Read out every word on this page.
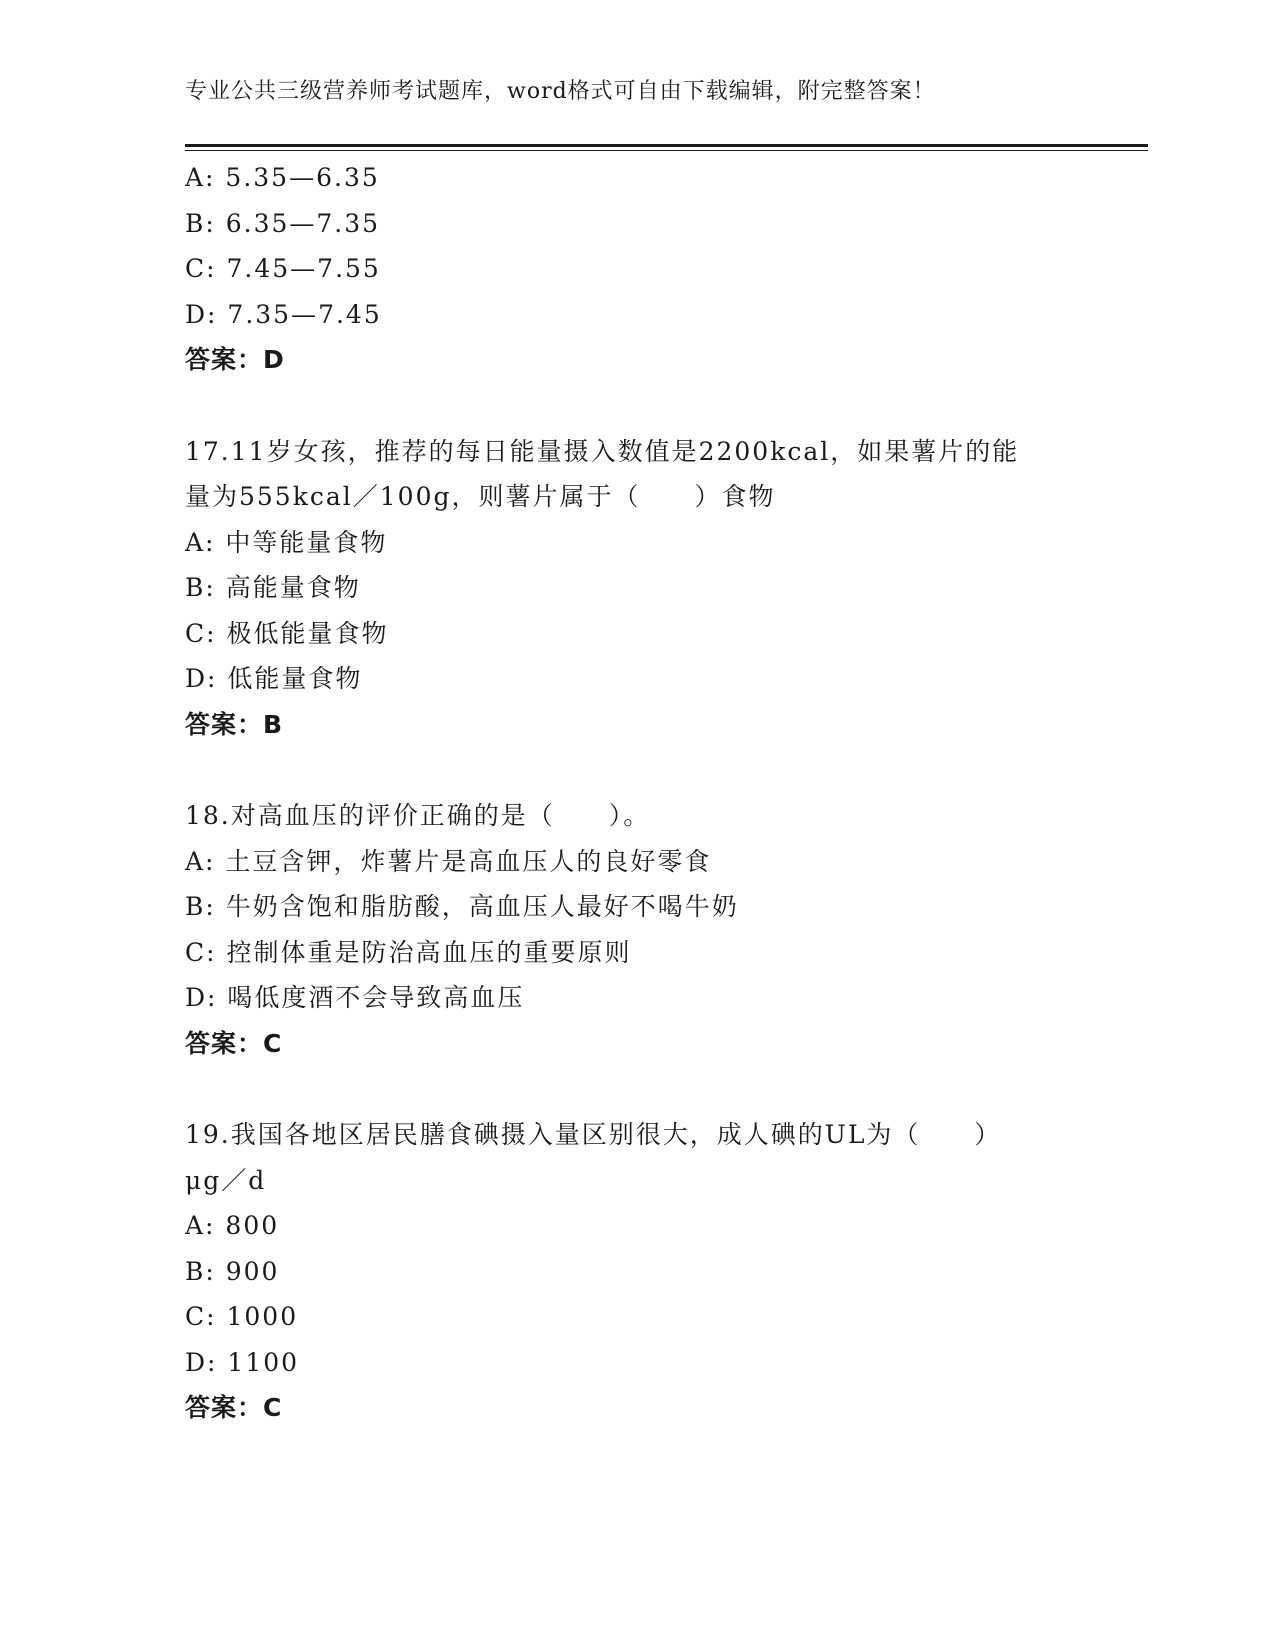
专业公共三级营养师考试题库，word格式可自由下载编辑，附完整答案！
A: 5.35—6.35
B: 6.35—7.35
C: 7.45—7.55
D: 7.35—7.45
答案：D
17.11岁女孩，推荐的每日能量摄入数值是2200kcal，如果薯片的能
量为555kcal／100g，则薯片属于（　　）食物
A: 中等能量食物
B: 高能量食物
C: 极低能量食物
D: 低能量食物
答案：B
18.对高血压的评价正确的是（　　）。
A: 土豆含钾，炸薯片是高血压人的良好零食
B: 牛奶含饱和脂肪酸，高血压人最好不喝牛奶
C: 控制体重是防治高血压的重要原则
D: 喝低度酒不会导致高血压
答案：C
19.我国各地区居民膳食碘摄入量区别很大，成人碘的UL为（　　）
μg／d
A: 800
B: 900
C: 1000
D: 1100
答案：C
